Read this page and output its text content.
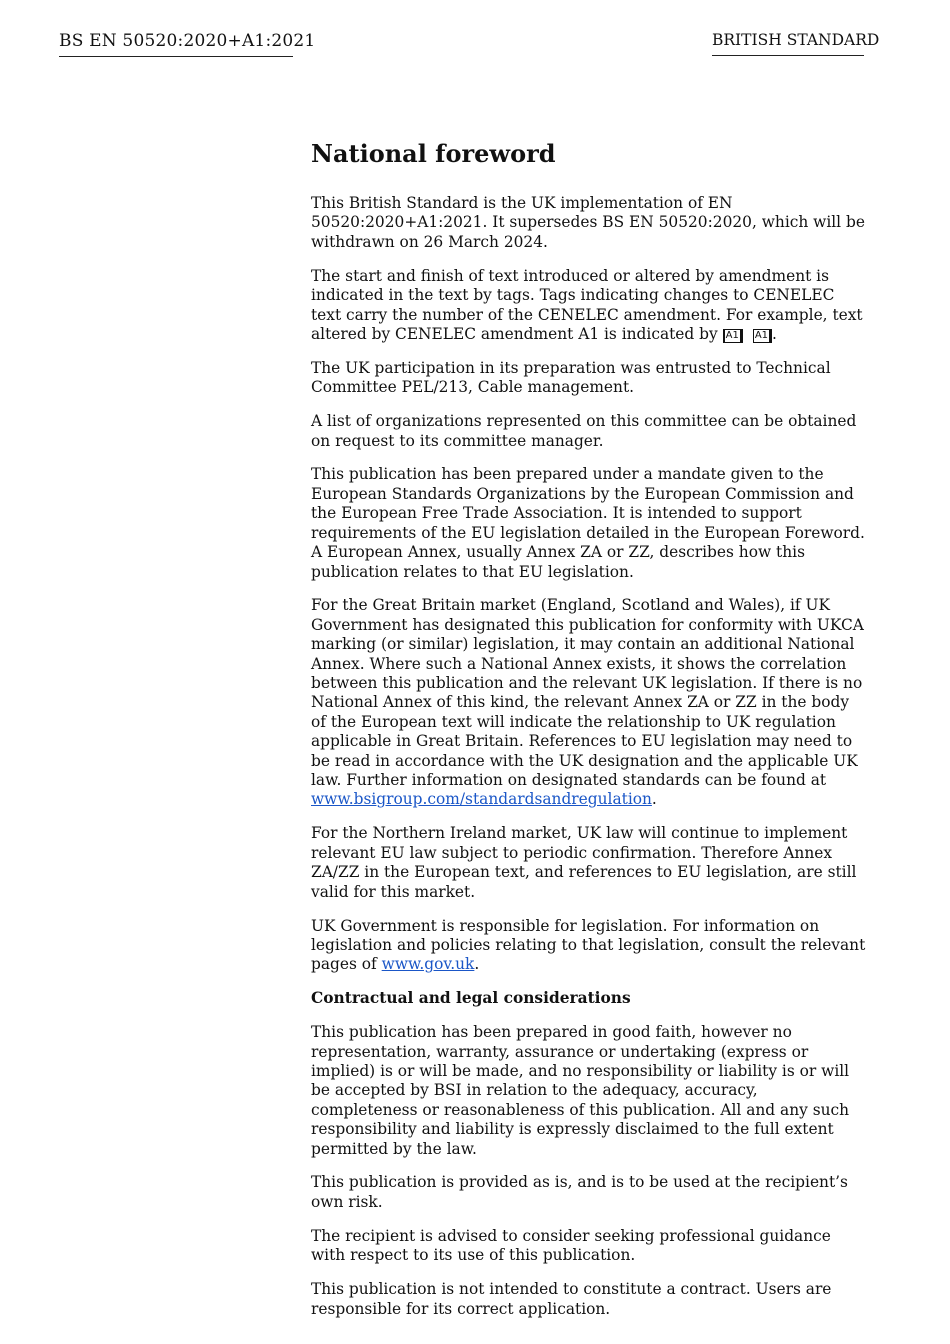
BS EN 50520:2020+A1:2021	BRITISH STANDARD
National foreword

This British Standard is the UK implementation of EN 50520:2020+A1:2021. It supersedes BS EN 50520:2020, which will be withdrawn on 26 March 2024.

The start and finish of text introduced or altered by amendment is indicated in the text by tags. Tags indicating changes to CENELEC text carry the number of the CENELEC amendment. For example, text altered by CENELEC amendment A1 is indicated by A1 A1 .

The UK participation in its preparation was entrusted to Technical Committee PEL/213, Cable management.

A list of organizations represented on this committee can be obtained on request to its committee manager.

This publication has been prepared under a mandate given to the European Standards Organizations by the European Commission and the European Free Trade Association. It is intended to support requirements of the EU legislation detailed in the European Foreword. A European Annex, usually Annex ZA or ZZ, describes how this publication relates to that EU legislation.

For the Great Britain market (England, Scotland and Wales), if UK Government has designated this publication for conformity with UKCA marking (or similar) legislation, it may contain an additional National Annex. Where such a National Annex exists, it shows the correlation between this publication and the relevant UK legislation. If there is no National Annex of this kind, the relevant Annex ZA or ZZ in the body of the European text will indicate the relationship to UK regulation applicable in Great Britain. References to EU legislation may need to be read in accordance with the UK designation and the applicable UK law. Further information on designated standards can be found at www.bsigroup.com/standardsandregulation.

For the Northern Ireland market, UK law will continue to implement relevant EU law subject to periodic confirmation. Therefore Annex ZA/ZZ in the European text, and references to EU legislation, are still valid for this market.

UK Government is responsible for legislation. For information on legislation and policies relating to that legislation, consult the relevant pages of www.gov.uk.

Contractual and legal considerations

This publication has been prepared in good faith, however no representation, warranty, assurance or undertaking (express or implied) is or will be made, and no responsibility or liability is or will be accepted by BSI in relation to the adequacy, accuracy, completeness or reasonableness of this publication. All and any such responsibility and liability is expressly disclaimed to the full extent permitted by the law.

This publication is provided as is, and is to be used at the recipient’s own risk.

The recipient is advised to consider seeking professional guidance with respect to its use of this publication.

This publication is not intended to constitute a contract. Users are responsible for its correct application.
